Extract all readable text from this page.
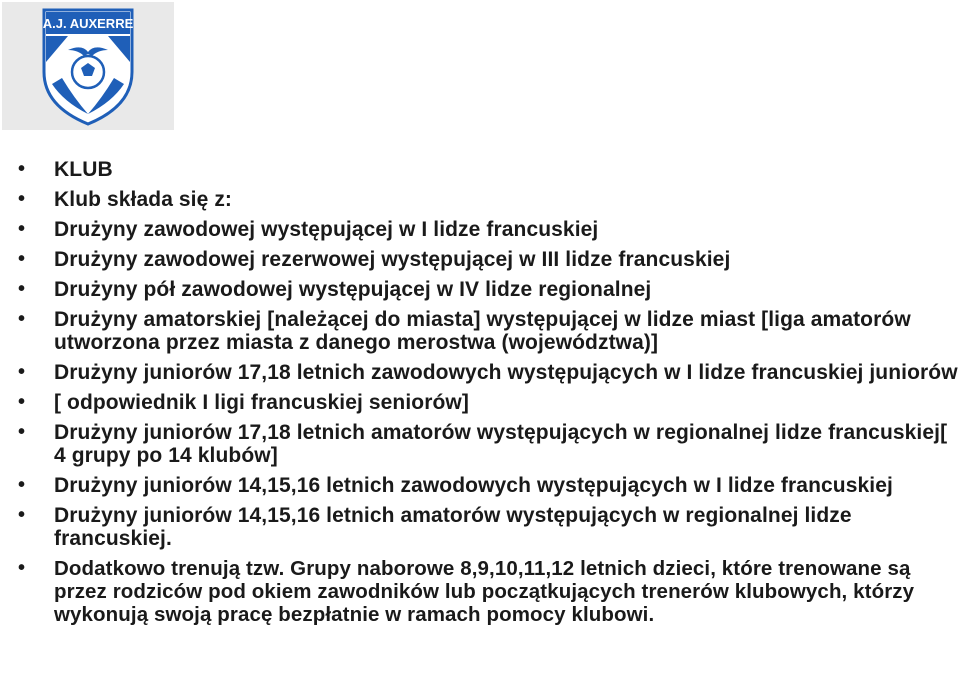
A.J. AUXERRE
• KLUB
• Klub składa się z:
• Drużyny zawodowej występującej w I lidze francuskiej
• Drużyny zawodowej rezerwowej występującej w III lidze francuskiej
• Drużyny pół zawodowej występującej w IV lidze regionalnej
• Drużyny amatorskiej [należącej do miasta] występującej w lidze miast [liga amatorów utworzona przez miasta z danego merostwa (województwa)]
• Drużyny juniorów 17,18 letnich zawodowych występujących w I lidze francuskiej juniorów
• [ odpowiednik I ligi francuskiej seniorów]
• Drużyny juniorów 17,18 letnich amatorów występujących w regionalnej lidze francuskiej[ 4 grupy po 14 klubów]
• Drużyny juniorów 14,15,16 letnich zawodowych występujących w I lidze francuskiej
• Drużyny juniorów 14,15,16 letnich amatorów występujących w regionalnej lidze francuskiej.
• Dodatkowo trenują tzw. Grupy naborowe 8,9,10,11,12 letnich dzieci, które trenowane są przez rodziców pod okiem zawodników lub początkujących trenerów klubowych, którzy wykonują swoją pracę bezpłatnie w ramach pomocy klubowi.
